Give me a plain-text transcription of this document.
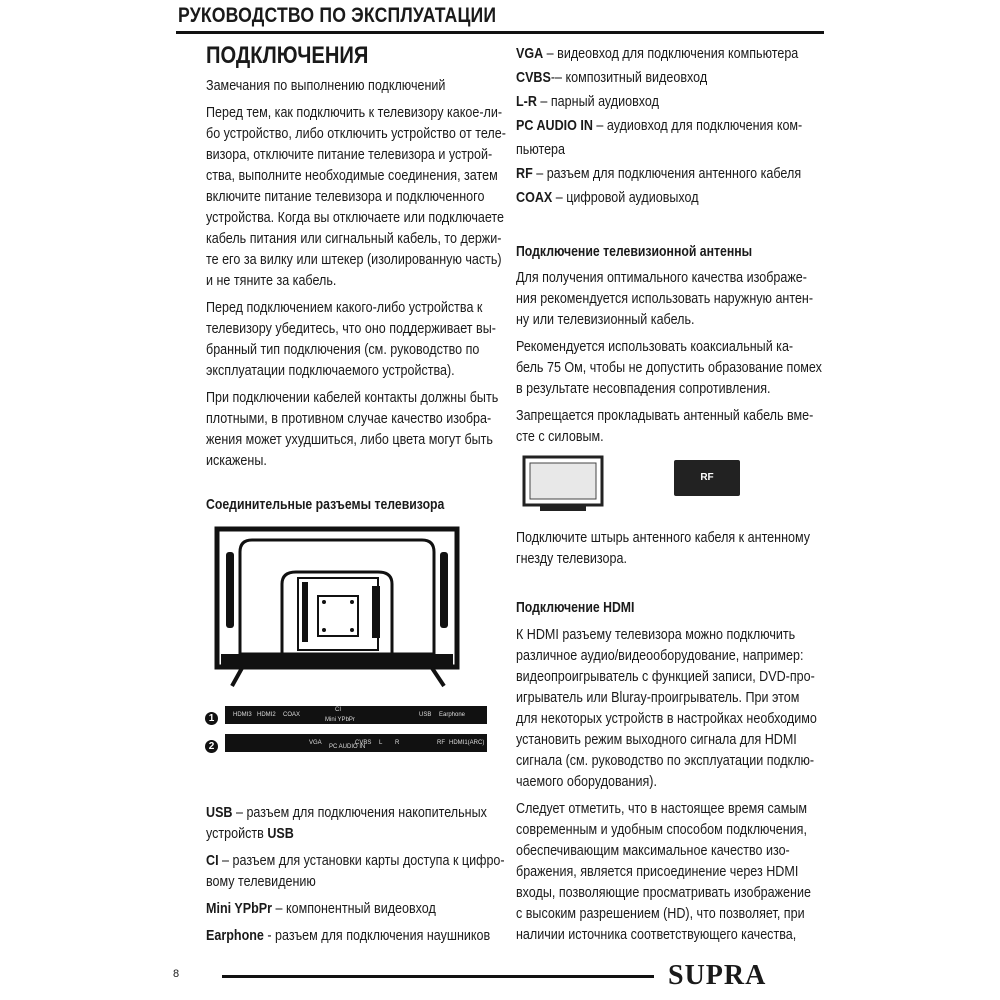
РУКОВОДСТВО ПО ЭКСПЛУАТАЦИИ
ПОДКЛЮЧЕНИЯ

Замечания по выполнению подключений

Перед тем, как подключить к телевизору какое-ли-
бо устройство, либо отключить устройство от теле-
визора, отключите питание телевизора и устрой-
ства, выполните необходимые соединения, затем
включите питание телевизора и подключенного
устройства. Когда вы отключаете или подключаете
кабель питания или сигнальный кабель, то держи-
те его за вилку или штекер (изолированную часть)
и не тяните за кабель.

Перед подключением какого-либо устройства к
телевизору убедитесь, что оно поддерживает вы-
бранный тип подключения (см. руководство по
эксплуатации подключаемого устройства).

При подключении кабелей контакты должны быть
плотными, в противном случае качество изобра-
жения может ухудшиться, либо цвета могут быть
искажены.

Соединительные разъемы телевизора
1	HDMI3 HDMI2 COAX
CI
Mini YPbPr
USB Earphone
2	VGA
PC AUDIO IN
CVBS L R	RF HDMI1(ARC)

USB – разъем для подключения накопительных
устройств USB

CI – разъем для установки карты доступа к цифро-
вому телевидению

Mini YPbPr – компонентный видеовход

Earphone - разъем для подключения наушников

VGA – видеовход для подключения компьютера
CVBS-– композитный видеовход
L-R – парный аудиовход
PC AUDIO IN – аудиовход для подключения ком-
пьютера
RF – разъем для подключения антенного кабеля
COAX – цифровой аудиовыход
Подключение телевизионной антенны

Для получения оптимального качества изображе-
ния рекомендуется использовать наружную антен-
ну или телевизионный кабель.

Рекомендуется использовать коаксиальный ка-
бель 75 Ом, чтобы не допустить образование помех
в результате несовпадения сопротивления.

Запрещается прокладывать антенный кабель вме-
сте с силовым.

RF

Подключите штырь антенного кабеля к антенному
гнезду телевизора.

Подключение HDMI

К HDMI разъему телевизора можно подключить
различное аудио/видеооборудование, например:
видеопроигрыватель с функцией записи, DVD-про-
игрыватель или Bluray-проигрыватель. При этом
для некоторых устройств в настройках необходимо
установить режим выходного сигнала для HDMI
сигнала (см. руководство по эксплуатации подклю-
чаемого оборудования).

Следует отметить, что в настоящее время самым
современным и удобным способом подключения,
обеспечивающим максимальное качество изо-
бражения, является присоединение через HDMI
входы, позволяющие просматривать изображение
с высоким разрешением (HD), что позволяет, при
наличии источника соответствующего качества,

8	SUPRA
